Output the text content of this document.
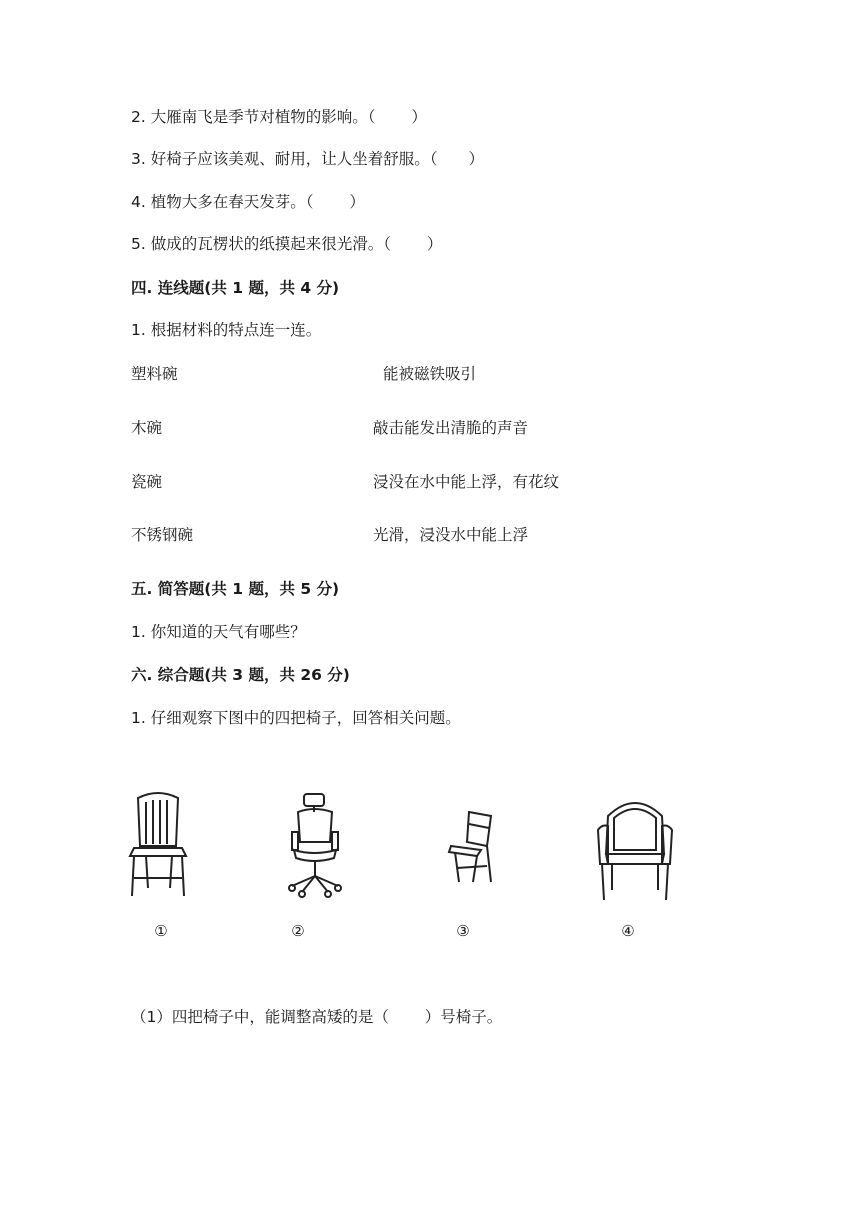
2. 大雁南飞是季节对植物的影响。（　　 ）
3. 好椅子应该美观、耐用，让人坐着舒服。（　　）
4. 植物大多在春天发芽。（　　 ）
5. 做成的瓦楞状的纸摸起来很光滑。（　　 ）
四. 连线题(共 1 题，共 4 分)
1. 根据材料的特点连一连。
塑料碗
木碗
瓷碗
不锈钢碗
能被磁铁吸引
敲击能发出清脆的声音
浸没在水中能上浮，有花纹
光滑，浸没水中能上浮
五. 简答题(共 1 题，共 5 分)
1. 你知道的天气有哪些？
六. 综合题(共 3 题，共 26 分)
1. 仔细观察下图中的四把椅子，回答相关问题。
①	②	③	④
（1）四把椅子中，能调整高矮的是（　　 ）号椅子。
